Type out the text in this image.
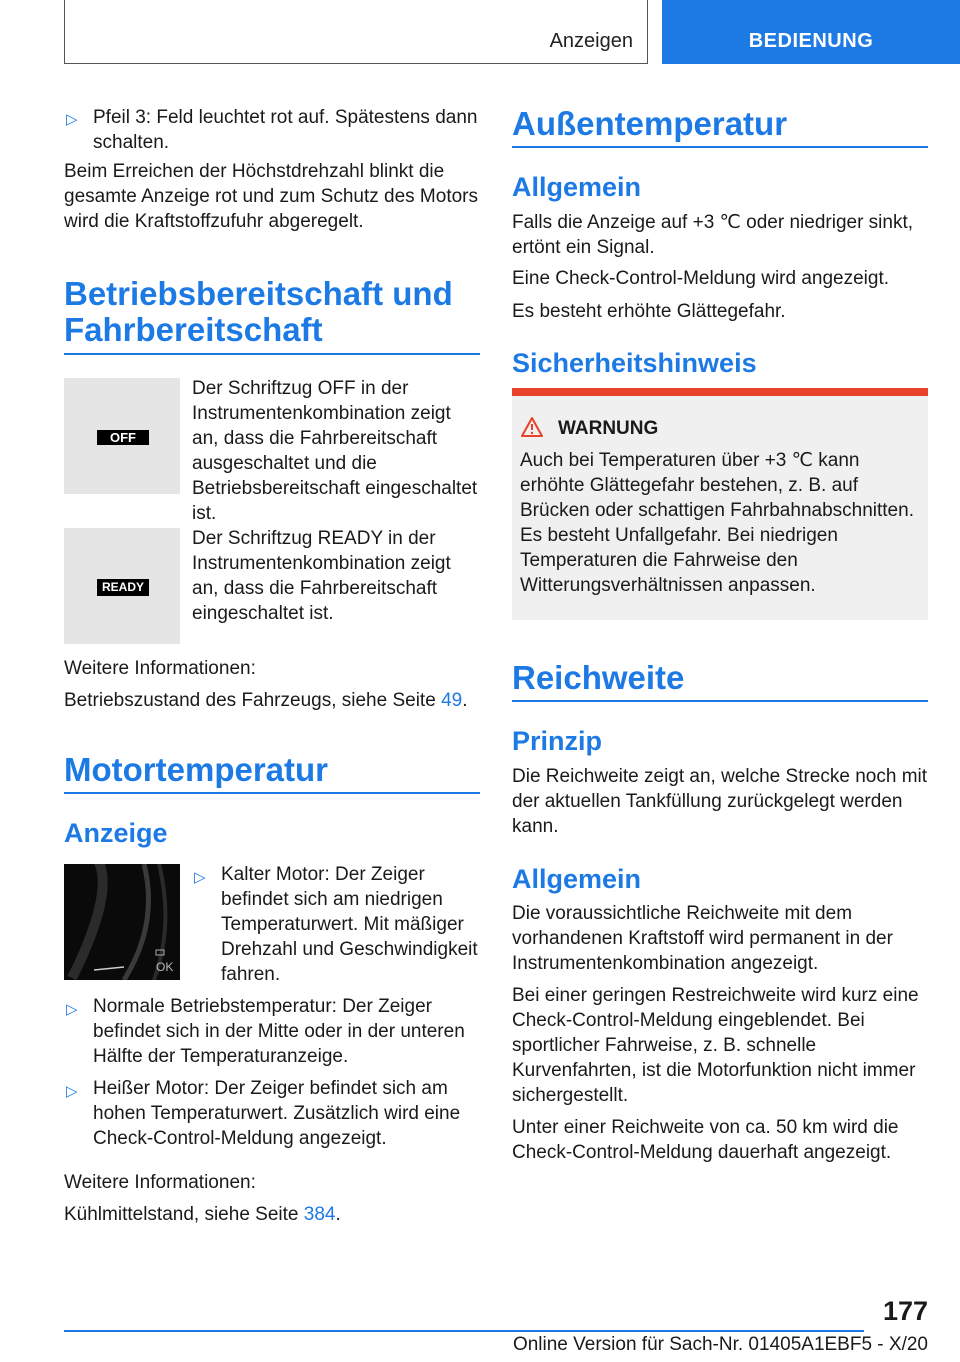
Anzeigen	BEDIENUNG
▷ Pfeil 3: Feld leuchtet rot auf. Spätestens dann schalten.

Beim Erreichen der Höchstdrehzahl blinkt die gesamte Anzeige rot und zum Schutz des Motors wird die Kraftstoffzufuhr abgeregelt.

Betriebsbereitschaft und
Fahrbereitschaft
OFF

Der Schriftzug OFF in der Instrumentenkombination zeigt an, dass die Fahrbereitschaft ausgeschaltet und die Betriebsbereitschaft eingeschaltet ist.

READY

Der Schriftzug READY in der Instrumentenkombination zeigt an, dass die Fahrbereitschaft eingeschaltet ist.

Weitere Informationen:

Betriebszustand des Fahrzeugs, siehe Seite 49.

Motortemperatur
Anzeige
OK
▷ Kalter Motor: Der Zeiger befindet sich am niedrigen Temperaturwert. Mit mäßiger Drehzahl und Geschwindigkeit fahren.

▷ Normale Betriebstemperatur: Der Zeiger befindet sich in der Mitte oder in der unteren Hälfte der Temperaturanzeige.

▷ Heißer Motor: Der Zeiger befindet sich am hohen Temperaturwert. Zusätzlich wird eine Check-Control-Meldung angezeigt.

Weitere Informationen:

Kühlmittelstand, siehe Seite 384.

Außentemperatur
Allgemein

Falls die Anzeige auf +3 ℃ oder niedriger sinkt, ertönt ein Signal.

Eine Check-Control-Meldung wird angezeigt.

Es besteht erhöhte Glättegefahr.

Sicherheitshinweis
WARNUNG

Auch bei Temperaturen über +3 ℃ kann erhöhte Glättegefahr bestehen, z. B. auf Brücken oder schattigen Fahrbahnabschnitten. Es besteht Unfallgefahr. Bei niedrigen Temperaturen die Fahrweise den Witterungsverhältnissen anpassen.

Reichweite
Prinzip

Die Reichweite zeigt an, welche Strecke noch mit der aktuellen Tankfüllung zurückgelegt werden kann.

Allgemein

Die voraussichtliche Reichweite mit dem vorhandenen Kraftstoff wird permanent in der Instrumentenkombination angezeigt.

Bei einer geringen Restreichweite wird kurz eine Check-Control-Meldung eingeblendet. Bei sportlicher Fahrweise, z. B. schnelle Kurvenfahrten, ist die Motorfunktion nicht immer sichergestellt.

Unter einer Reichweite von ca. 50 km wird die Check-Control-Meldung dauerhaft angezeigt.

177
Online Version für Sach-Nr. 01405A1EBF5 - X/20
